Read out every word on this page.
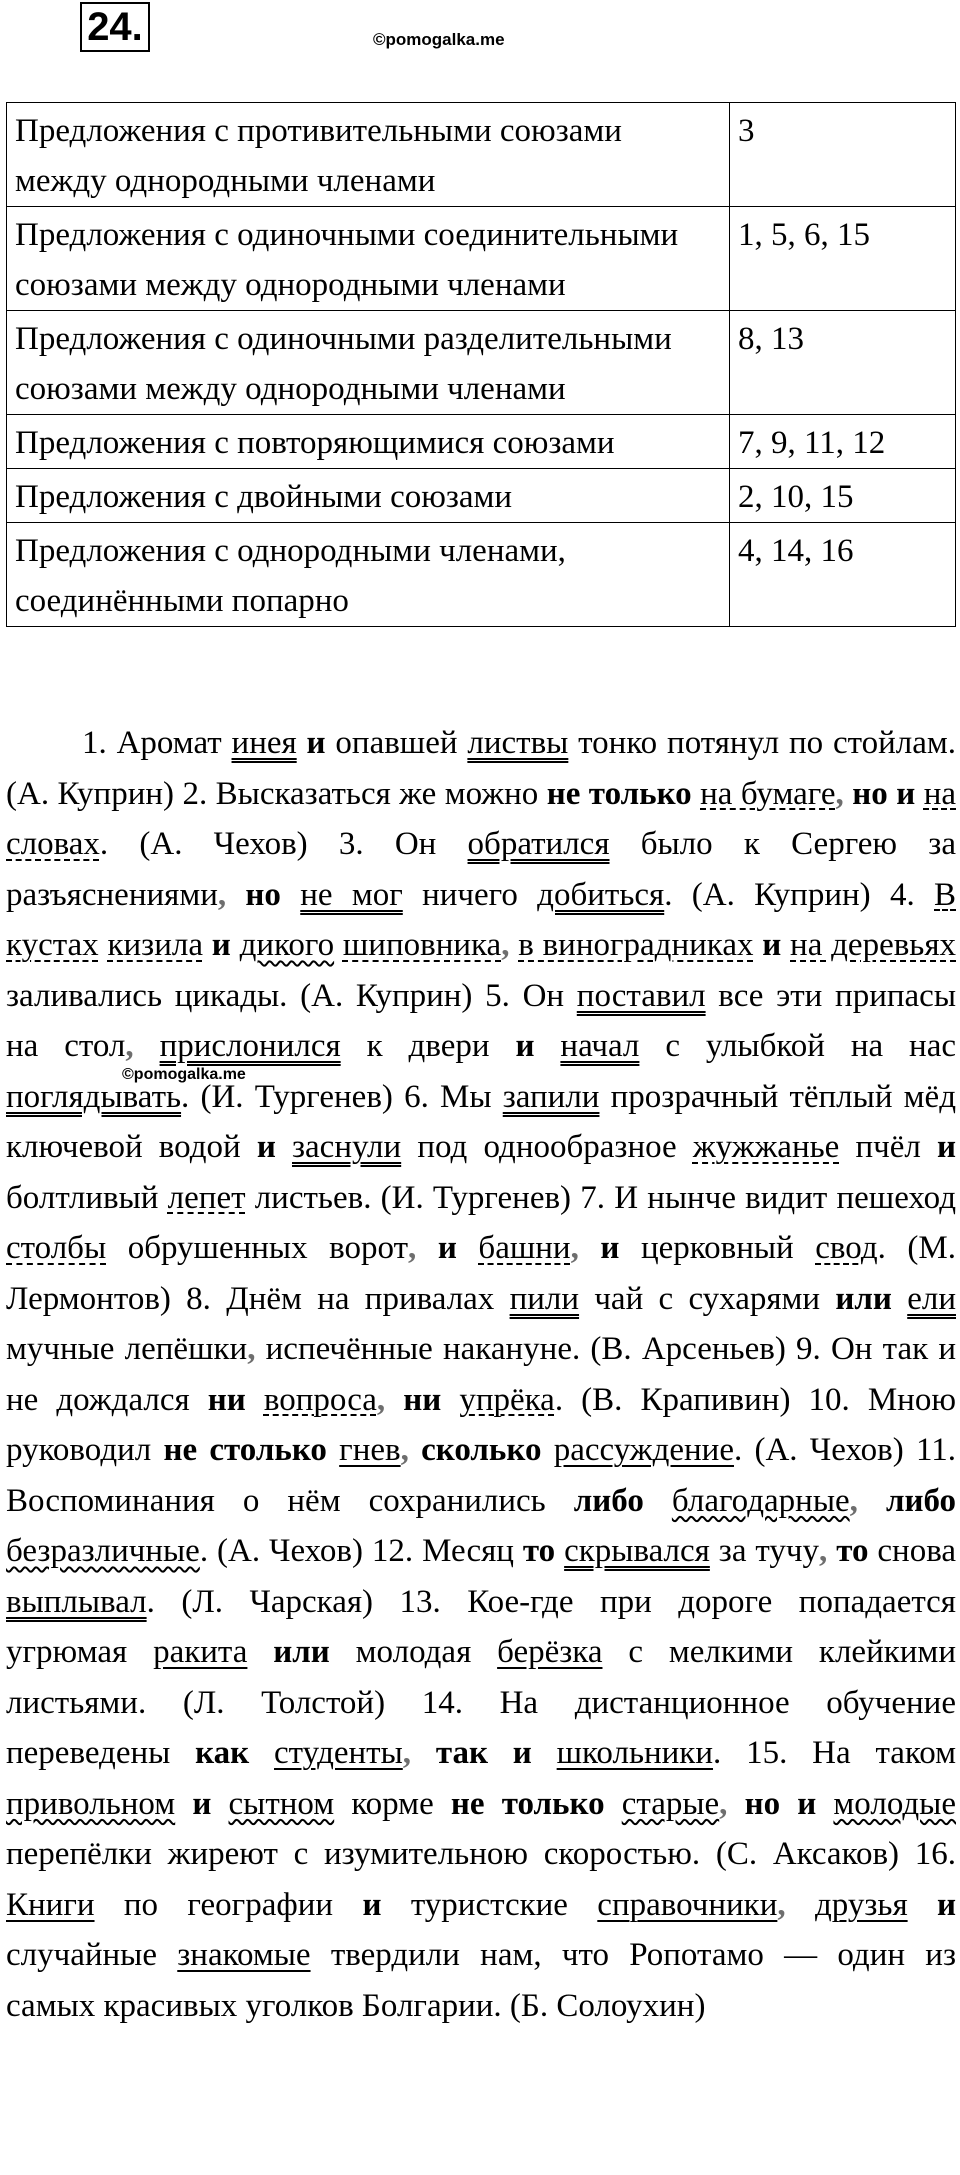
24.	©pomogalka.me
Предложения с противительными союзами между однородными членами	3
Предложения с одиночными соединительными союзами между однородными членами	1, 5, 6, 15
Предложения с одиночными разделительными союзами между однородными членами	8, 13
Предложения с повторяющимися союзами	7, 9, 11, 12
Предложения с двойными союзами	2, 10, 15
Предложения с однородными членами, соединёнными попарно	4, 14, 16

1. Аромат инея и опавшей листвы тонко потянул по стойлам. (А. Куприн) 2. Высказаться же можно не только на бумаге, но и на словах. (А. Чехов) 3. Он обратился было к Сергею за разъяснениями, но не мог ничего добиться. (А. Куприн) 4. В кустах кизила и дикого шиповника, в виноградниках и на деревьях заливались цикады. (А. Куприн) 5. Он поставил все эти припасы на стол, прислонился к двери и начал с улыбкой на нас поглядывать. (И. Тургенев) 6. Мы запили прозрачный тёплый мёд ключевой водой и заснули под однообразное жужжанье пчёл и болтливый лепет листьев. (И. Тургенев) 7. И нынче видит пешеход столбы обрушенных ворот, и башни, и церковный свод. (М. Лермонтов) 8. Днём на привалах пили чай с сухарями или ели мучные лепёшки, испечённые накануне. (В. Арсеньев) 9. Он так и не дождался ни вопроса, ни упрёка. (В. Крапивин) 10. Мною руководил не столько гнев, сколько рассуждение. (А. Чехов) 11. Воспоминания о нём сохранились либо благодарные, либо безразличные. (А. Чехов) 12. Месяц то скрывался за тучу, то снова выплывал. (Л. Чарская) 13. Кое-где при дороге попадается угрюмая ракита или молодая берёзка с мелкими клейкими листьями. (Л. Толстой) 14. На дистанционное обучение переведены как студенты, так и школьники. 15. На таком привольном и сытном корме не только старые, но и молодые перепёлки жиреют с изумительною скоростью. (С. Аксаков) 16. Книги по географии и туристские справочники, друзья и случайные знакомые твердили нам, что Ропотамо — один из самых красивых уголков Болгарии. (Б. Солоухин)

©pomogalka.me
